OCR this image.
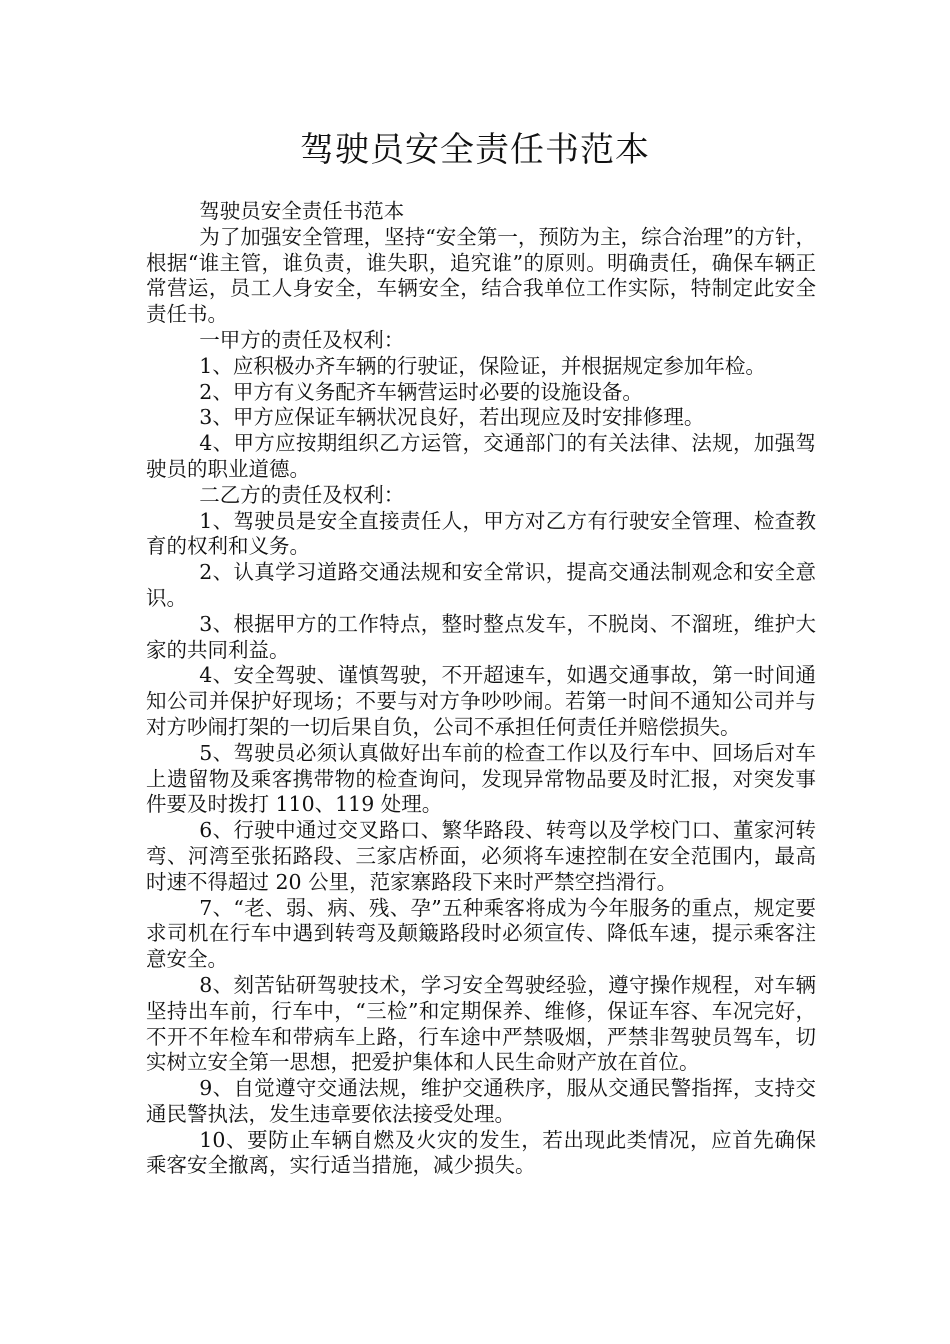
驾驶员安全责任书范本

驾驶员安全责任书范本

为了加强安全管理，坚持“安全第一，预防为主，综合治理”的方针，根据“谁主管，谁负责，谁失职，追究谁”的原则。明确责任，确保车辆正常营运，员工人身安全，车辆安全，结合我单位工作实际，特制定此安全责任书。

一甲方的责任及权利：

1、应积极办齐车辆的行驶证，保险证，并根据规定参加年检。

2、甲方有义务配齐车辆营运时必要的设施设备。

3、甲方应保证车辆状况良好，若出现应及时安排修理。

4、甲方应按期组织乙方运管，交通部门的有关法律、法规，加强驾驶员的职业道德。

二乙方的责任及权利：

1、驾驶员是安全直接责任人，甲方对乙方有行驶安全管理、检查教育的权利和义务。

2、认真学习道路交通法规和安全常识，提高交通法制观念和安全意识。

3、根据甲方的工作特点，整时整点发车，不脱岗、不溜班，维护大家的共同利益。

4、安全驾驶、谨慎驾驶，不开超速车，如遇交通事故，第一时间通知公司并保护好现场；不要与对方争吵吵闹。若第一时间不通知公司并与对方吵闹打架的一切后果自负，公司不承担任何责任并赔偿损失。

5、驾驶员必须认真做好出车前的检查工作以及行车中、回场后对车上遗留物及乘客携带物的检查询问，发现异常物品要及时汇报，对突发事件要及时拨打 110、119 处理。

6、行驶中通过交叉路口、繁华路段、转弯以及学校门口、董家河转弯、河湾至张拓路段、三家店桥面，必须将车速控制在安全范围内，最高时速不得超过 20 公里，范家寨路段下来时严禁空挡滑行。

7、“老、弱、病、残、孕”五种乘客将成为今年服务的重点，规定要求司机在行车中遇到转弯及颠簸路段时必须宣传、降低车速，提示乘客注意安全。

8、刻苦钻研驾驶技术，学习安全驾驶经验，遵守操作规程，对车辆坚持出车前，行车中，“三检”和定期保养、维修，保证车容、车况完好，不开不年检车和带病车上路，行车途中严禁吸烟，严禁非驾驶员驾车，切实树立安全第一思想，把爱护集体和人民生命财产放在首位。

9、自觉遵守交通法规，维护交通秩序，服从交通民警指挥，支持交通民警执法，发生违章要依法接受处理。

10、要防止车辆自燃及火灾的发生，若出现此类情况，应首先确保乘客安全撤离，实行适当措施，减少损失。
